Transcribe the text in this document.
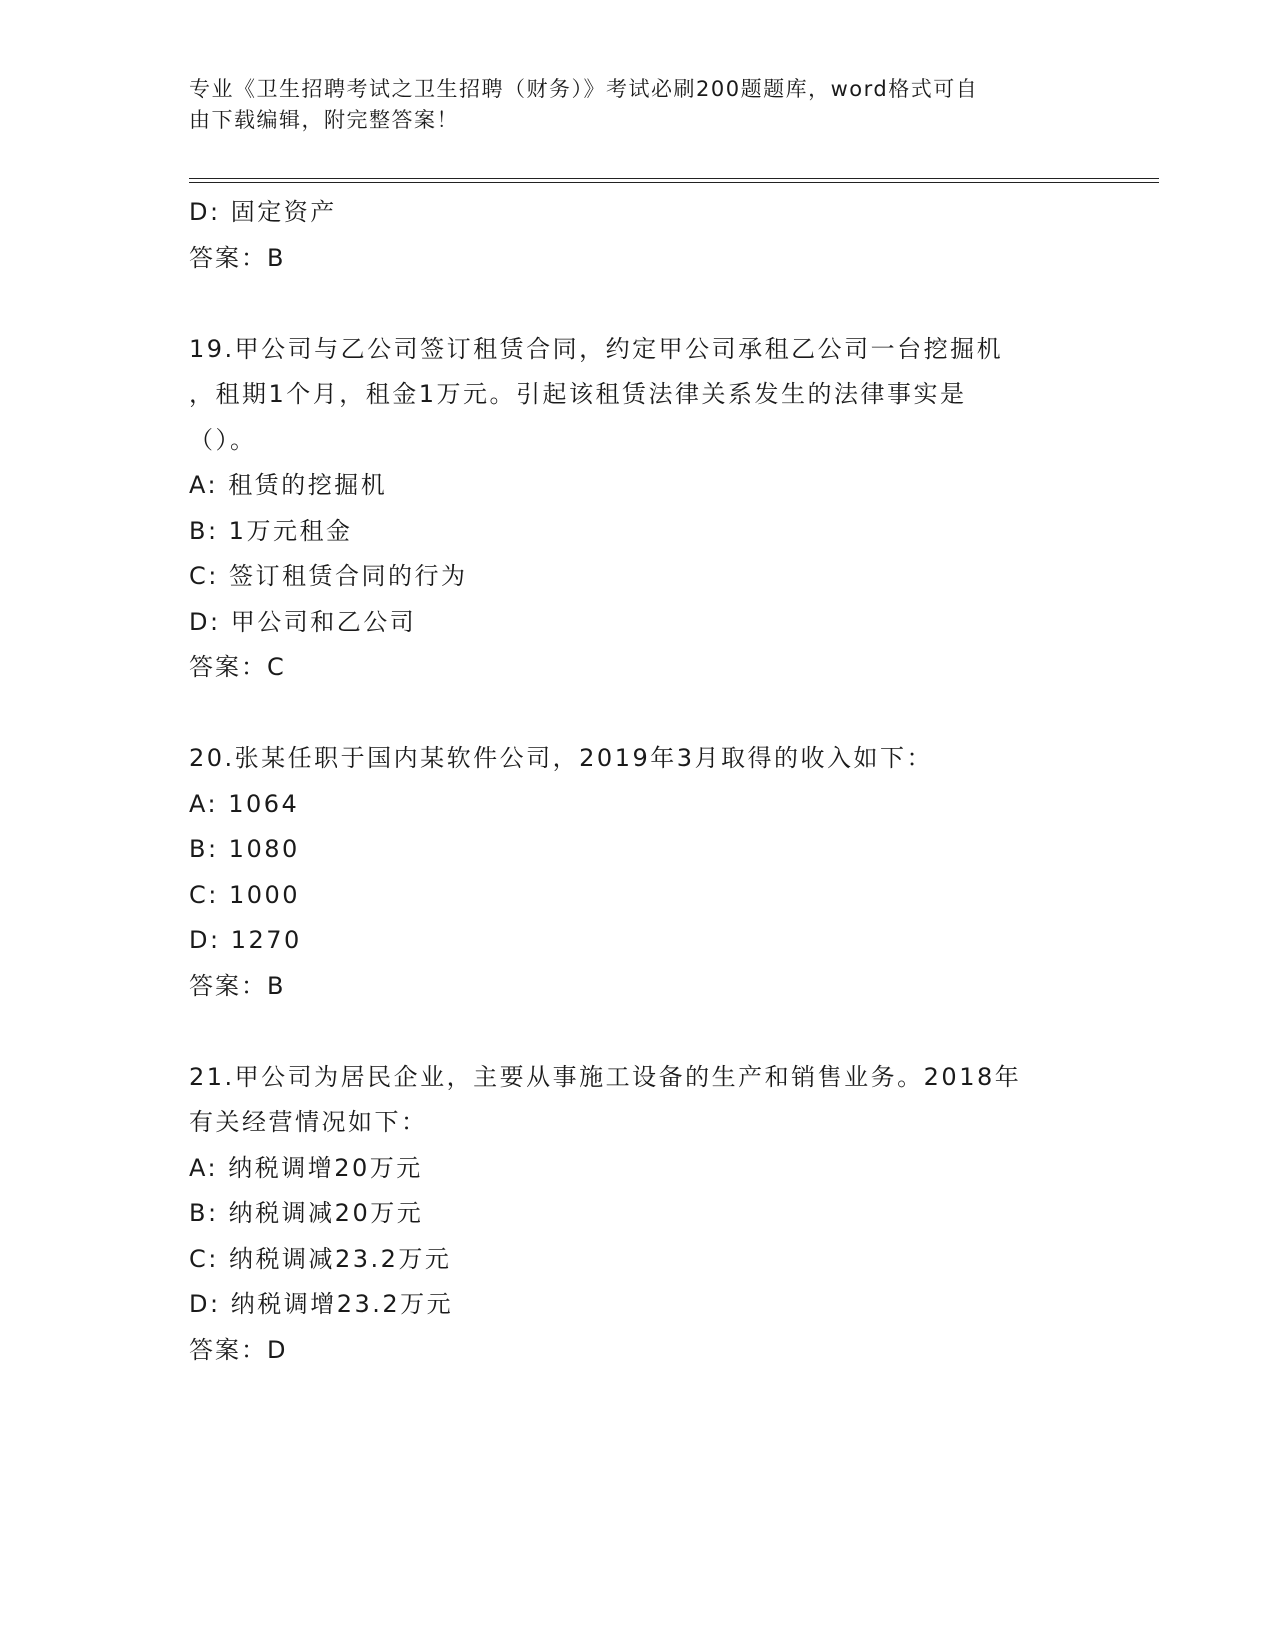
专业《卫生招聘考试之卫生招聘（财务）》考试必刷200题题库，word格式可自
由下载编辑，附完整答案！
D: 固定资产
答案：B
19.甲公司与乙公司签订租赁合同，约定甲公司承租乙公司一台挖掘机
，租期1个月，租金1万元。引起该租赁法律关系发生的法律事实是
（）。
A: 租赁的挖掘机
B: 1万元租金
C: 签订租赁合同的行为
D: 甲公司和乙公司
答案：C
20.张某任职于国内某软件公司，2019年3月取得的收入如下：
A: 1064
B: 1080
C: 1000
D: 1270
答案：B
21.甲公司为居民企业，主要从事施工设备的生产和销售业务。2018年
有关经营情况如下：
A: 纳税调增20万元
B: 纳税调减20万元
C: 纳税调减23.2万元
D: 纳税调增23.2万元
答案：D
